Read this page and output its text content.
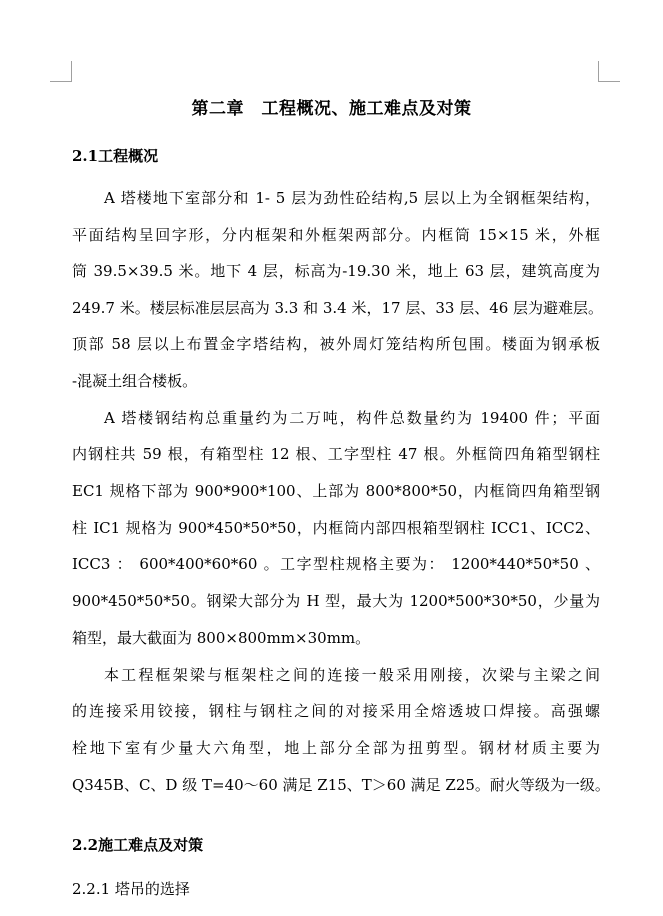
第二章　工程概况、施工难点及对策
2.1工程概况
A 塔楼地下室部分和 1- 5 层为劲性砼结构,5 层以上为全钢框架结构，
平面结构呈回字形，分内框架和外框架两部分。内框筒 15×15 米，外框
筒 39.5×39.5 米。地下 4 层，标高为-19.30 米，地上 63 层，建筑高度为
249.7 米。楼层标准层层高为 3.3 和 3.4 米，17 层、33 层、46 层为避难层。
顶部 58 层以上布置金字塔结构，被外周灯笼结构所包围。楼面为钢承板
-混凝土组合楼板。
A 塔楼钢结构总重量约为二万吨，构件总数量约为 19400 件；平面
内钢柱共 59 根，有箱型柱 12 根、工字型柱 47 根。外框筒四角箱型钢柱
EC1 规格下部为 900*900*100、上部为 800*800*50，内框筒四角箱型钢
柱 IC1 规格为 900*450*50*50，内框筒内部四根箱型钢柱 ICC1、ICC2、
ICC3 ： 600*400*60*60 。工字型柱规格主要为： 1200*440*50*50 、
900*450*50*50。钢梁大部分为 H 型，最大为 1200*500*30*50，少量为
箱型，最大截面为 800×800mm×30mm。
本工程框架梁与框架柱之间的连接一般采用刚接，次梁与主梁之间
的连接采用铰接，钢柱与钢柱之间的对接采用全熔透坡口焊接。高强螺
栓地下室有少量大六角型，地上部分全部为扭剪型。钢材材质主要为
Q345B、C、D 级 T=40～60 满足 Z15、T＞60 满足 Z25。耐火等级为一级。
2.2施工难点及对策
2.2.1 塔吊的选择
